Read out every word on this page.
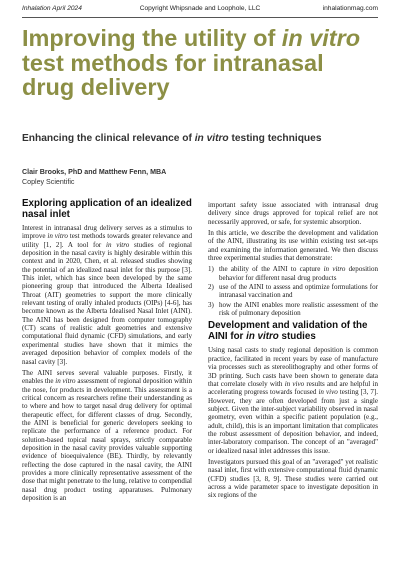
Inhalation April 2024	Copyright Whipsnade and Loophole, LLC	inhalationmag.com
Improving the utility of in vitro test methods for intranasal drug delivery
Enhancing the clinical relevance of in vitro testing techniques
Clair Brooks, PhD and Matthew Fenn, MBA
Copley Scientific
Exploring application of an idealized nasal inlet

Interest in intranasal drug delivery serves as a stimulus to improve in vitro test methods towards greater relevance and utility [1, 2]. A tool for in vitro studies of regional deposition in the nasal cavity is highly desirable within this context and in 2020, Chen, et al. released studies showing the potential of an idealized nasal inlet for this purpose [3]. This inlet, which has since been developed by the same pioneering group that introduced the Alberta Idealised Throat (AIT) geometries to support the more clinically relevant testing of orally inhaled products (OIPs) [4-6], has become known as the Alberta Idealised Nasal Inlet (AINI). The AINI has been designed from computer tomography (CT) scans of realistic adult geometries and extensive computational fluid dynamic (CFD) simulations, and early experimental studies have shown that it mimics the averaged deposition behavior of complex models of the nasal cavity [3].

The AINI serves several valuable purposes. Firstly, it enables the in vitro assessment of regional deposition within the nose, for products in development. This assessment is a critical concern as researchers refine their understanding as to where and how to target nasal drug delivery for optimal therapeutic effect, for different classes of drug. Secondly, the AINI is beneficial for generic developers seeking to replicate the performance of a reference product. For solution-based topical nasal sprays, strictly comparable deposition in the nasal cavity provides valuable supporting evidence of bioequivalence (BE). Thirdly, by relevantly reflecting the dose captured in the nasal cavity, the AINI provides a more clinically representative assessment of the dose that might penetrate to the lung, relative to compendial nasal drug product testing apparatuses. Pulmonary deposition is an

important safety issue associated with intranasal drug delivery since drugs approved for topical relief are not necessarily approved, or safe, for systemic absorption.

In this article, we describe the development and validation of the AINI, illustrating its use within existing test set-ups and examining the information generated. We then discuss three experimental studies that demonstrate:

1) the ability of the AINI to capture in vitro deposition behavior for different nasal drug products
2) use of the AINI to assess and optimize formulations for intranasal vaccination and
3) how the AINI enables more realistic assessment of the risk of pulmonary deposition
Development and validation of the AINI for in vitro studies

Using nasal casts to study regional deposition is common practice, facilitated in recent years by ease of manufacture via processes such as stereolithography and other forms of 3D printing. Such casts have been shown to generate data that correlate closely with in vivo results and are helpful in accelerating progress towards focused in vivo testing [3, 7]. However, they are often developed from just a single subject. Given the inter-subject variability observed in nasal geometry, even within a specific patient population (e.g., adult, child), this is an important limitation that complicates the robust assessment of deposition behavior, and indeed, inter-laboratory comparison. The concept of an "averaged" or idealized nasal inlet addresses this issue.

Investigators pursued this goal of an "averaged" yet realistic nasal inlet, first with extensive computational fluid dynamic (CFD) studies [3, 8, 9]. These studies were carried out across a wide parameter space to investigate deposition in six regions of the
